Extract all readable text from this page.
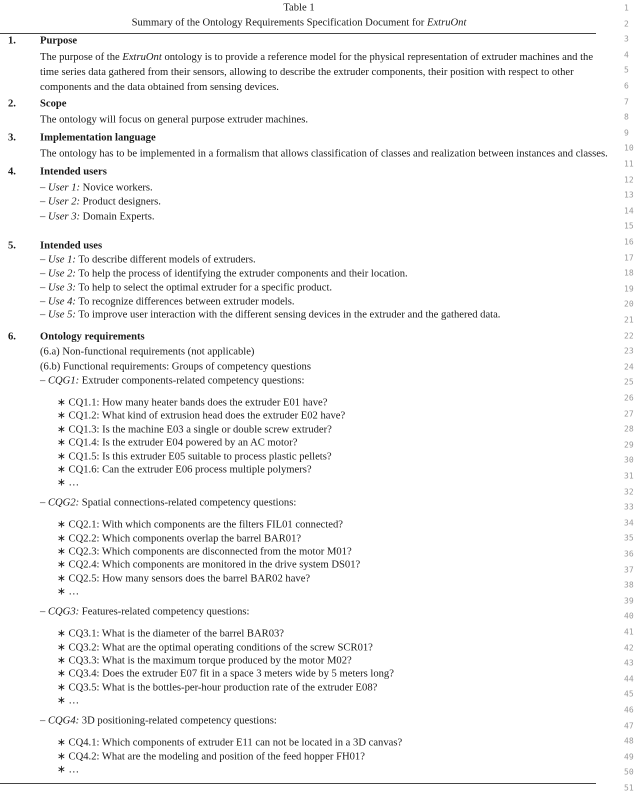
Table 1
Summary of the Ontology Requirements Specification Document for ExtruOnt
1. Purpose
The purpose of the ExtruOnt ontology is to provide a reference model for the physical representation of extruder machines and the time series data gathered from their sensors, allowing to describe the extruder components, their position with respect to other components and the data obtained from sensing devices.
2. Scope
The ontology will focus on general purpose extruder machines.
3. Implementation language
The ontology has to be implemented in a formalism that allows classification of classes and realization between instances and classes.
4. Intended users
– User 1: Novice workers.
– User 2: Product designers.
– User 3: Domain Experts.
5. Intended uses
– Use 1: To describe different models of extruders.
– Use 2: To help the process of identifying the extruder components and their location.
– Use 3: To help to select the optimal extruder for a specific product.
– Use 4: To recognize differences between extruder models.
– Use 5: To improve user interaction with the different sensing devices in the extruder and the gathered data.
6. Ontology requirements
(6.a) Non-functional requirements (not applicable)
(6.b) Functional requirements: Groups of competency questions
– CQG1: Extruder components-related competency questions:
∗ CQ1.1: How many heater bands does the extruder E01 have?
∗ CQ1.2: What kind of extrusion head does the extruder E02 have?
∗ CQ1.3: Is the machine E03 a single or double screw extruder?
∗ CQ1.4: Is the extruder E04 powered by an AC motor?
∗ CQ1.5: Is this extruder E05 suitable to process plastic pellets?
∗ CQ1.6: Can the extruder E06 process multiple polymers?
∗ …
– CQG2: Spatial connections-related competency questions:
∗ CQ2.1: With which components are the filters FIL01 connected?
∗ CQ2.2: Which components overlap the barrel BAR01?
∗ CQ2.3: Which components are disconnected from the motor M01?
∗ CQ2.4: Which components are monitored in the drive system DS01?
∗ CQ2.5: How many sensors does the barrel BAR02 have?
∗ …
– CQG3: Features-related competency questions:
∗ CQ3.1: What is the diameter of the barrel BAR03?
∗ CQ3.2: What are the optimal operating conditions of the screw SCR01?
∗ CQ3.3: What is the maximum torque produced by the motor M02?
∗ CQ3.4: Does the extruder E07 fit in a space 3 meters wide by 5 meters long?
∗ CQ3.5: What is the bottles-per-hour production rate of the extruder E08?
∗ …
– CQG4: 3D positioning-related competency questions:
∗ CQ4.1: Which components of extruder E11 can not be located in a 3D canvas?
∗ CQ4.2: What are the modeling and position of the feed hopper FH01?
∗ …
1
2
3
4
5
6
7
8
9
10
11
12
13
14
15
16
17
18
19
20
21
22
23
24
25
26
27
28
29
30
31
32
33
34
35
36
37
38
39
40
41
42
43
44
45
46
47
48
49
50
51
